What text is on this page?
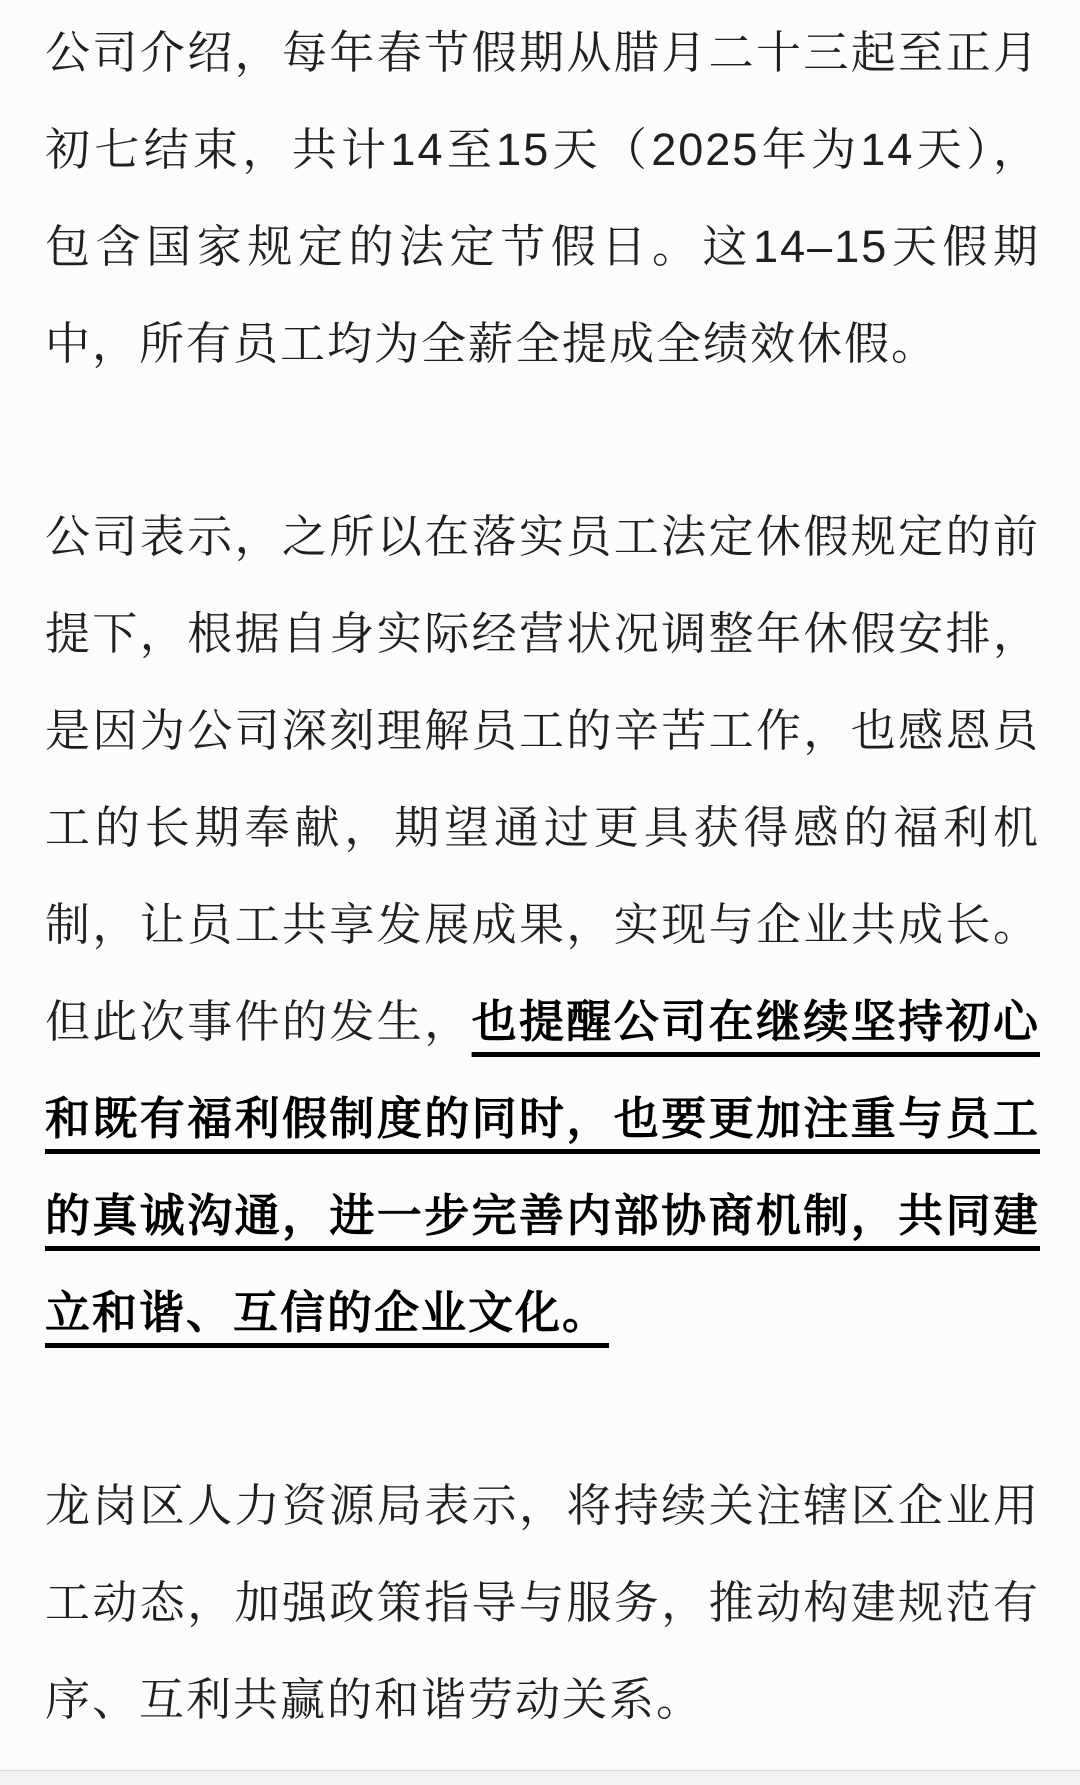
公司介绍，每年春节假期从腊月二十三起至正月初七结束，共计14至15天（2025年为14天），包含国家规定的法定节假日。这14–15天假期中，所有员工均为全薪全提成全绩效休假。

公司表示，之所以在落实员工法定休假规定的前提下，根据自身实际经营状况调整年休假安排，是因为公司深刻理解员工的辛苦工作，也感恩员工的长期奉献，期望通过更具获得感的福利机制，让员工共享发展成果，实现与企业共成长。但此次事件的发生，也提醒公司在继续坚持初心和既有福利假制度的同时，也要更加注重与员工的真诚沟通，进一步完善内部协商机制，共同建立和谐、互信的企业文化。

龙岗区人力资源局表示，将持续关注辖区企业用工动态，加强政策指导与服务，推动构建规范有序、互利共赢的和谐劳动关系。
